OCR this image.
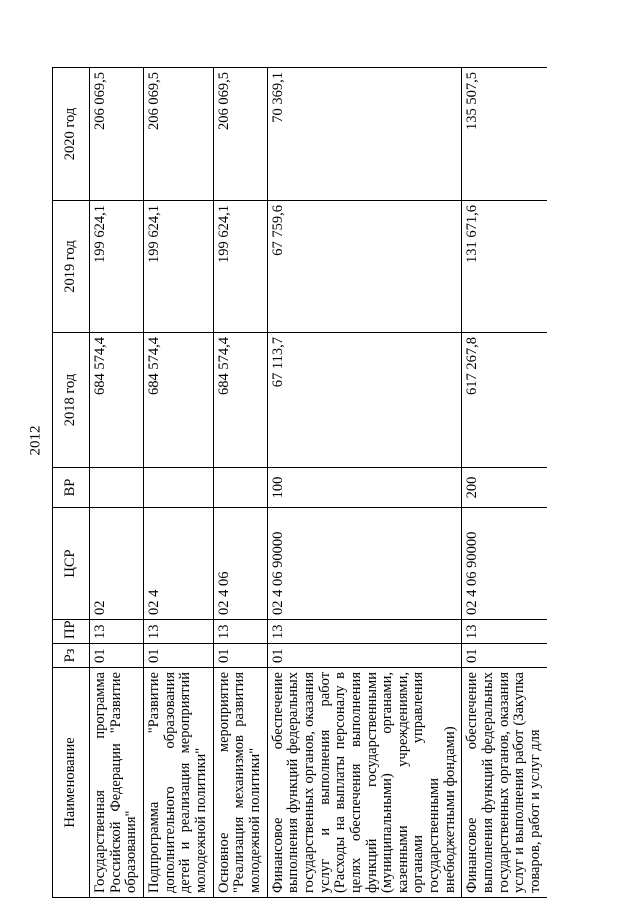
2012
Наименование	Рз	ПР	ЦСР	ВР	2018 год	2019 год	2020 год
Государственная программа Российской Федерации "Развитие образования"	01	13	02		684 574,4	199 624,1	206 069,5
Подпрограмма "Развитие дополнительного образования детей и реализация мероприятий молодежной политики"	01	13	02 4		684 574,4	199 624,1	206 069,5
Основное мероприятие "Реализация механизмов развития молодежной политики"	01	13	02 4 06		684 574,4	199 624,1	206 069,5
Финансовое обеспечение выполнения функций федеральных государственных органов, оказания услуг и выполнения работ (Расходы на выплаты персоналу в целях обеспечения выполнения функций государственными (муниципальными) органами, казенными учреждениями, органами управления государственными внебюджетными фондами)	01	13	02 4 06 90000	100	67 113,7	67 759,6	70 369,1
Финансовое обеспечение выполнения функций федеральных государственных органов, оказания услуг и выполнения работ (Закупка товаров, работ и услуг для	01	13	02 4 06 90000	200	617 267,8	131 671,6	135 507,5
